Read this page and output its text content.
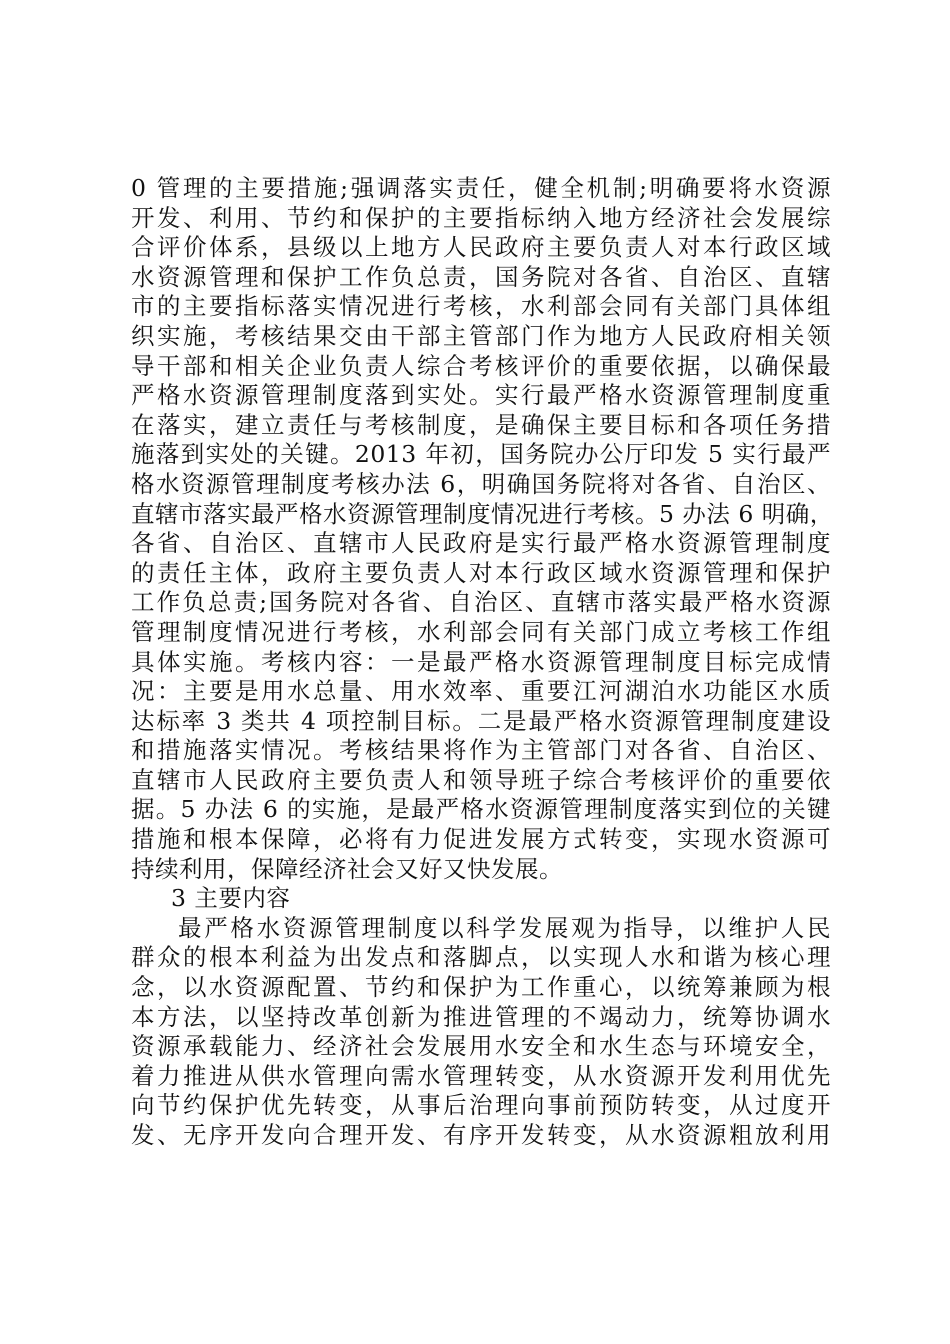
0 管理的主要措施;强调落实责任，健全机制;明确要将水资源
开发、利用、节约和保护的主要指标纳入地方经济社会发展综
合评价体系，县级以上地方人民政府主要负责人对本行政区域
水资源管理和保护工作负总责，国务院对各省、自治区、直辖
市的主要指标落实情况进行考核，水利部会同有关部门具体组
织实施，考核结果交由干部主管部门作为地方人民政府相关领
导干部和相关企业负责人综合考核评价的重要依据，以确保最
严格水资源管理制度落到实处。实行最严格水资源管理制度重
在落实，建立责任与考核制度，是确保主要目标和各项任务措
施落到实处的关键。2013 年初，国务院办公厅印发 5 实行最严
格水资源管理制度考核办法 6，明确国务院将对各省、自治区、
直辖市落实最严格水资源管理制度情况进行考核。5 办法 6 明确，
各省、自治区、直辖市人民政府是实行最严格水资源管理制度
的责任主体，政府主要负责人对本行政区域水资源管理和保护
工作负总责;国务院对各省、自治区、直辖市落实最严格水资源
管理制度情况进行考核，水利部会同有关部门成立考核工作组
具体实施。考核内容：一是最严格水资源管理制度目标完成情
况：主要是用水总量、用水效率、重要江河湖泊水功能区水质
达标率 3 类共 4 项控制目标。二是最严格水资源管理制度建设
和措施落实情况。考核结果将作为主管部门对各省、自治区、
直辖市人民政府主要负责人和领导班子综合考核评价的重要依
据。5 办法 6 的实施，是最严格水资源管理制度落实到位的关键
措施和根本保障，必将有力促进发展方式转变，实现水资源可
持续利用，保障经济社会又好又快发展。
3 主要内容
最严格水资源管理制度以科学发展观为指导，以维护人民
群众的根本利益为出发点和落脚点，以实现人水和谐为核心理
念，以水资源配置、节约和保护为工作重心，以统筹兼顾为根
本方法，以坚持改革创新为推进管理的不竭动力，统筹协调水
资源承载能力、经济社会发展用水安全和水生态与环境安全，
着力推进从供水管理向需水管理转变，从水资源开发利用优先
向节约保护优先转变，从事后治理向事前预防转变，从过度开
发、无序开发向合理开发、有序开发转变，从水资源粗放利用
